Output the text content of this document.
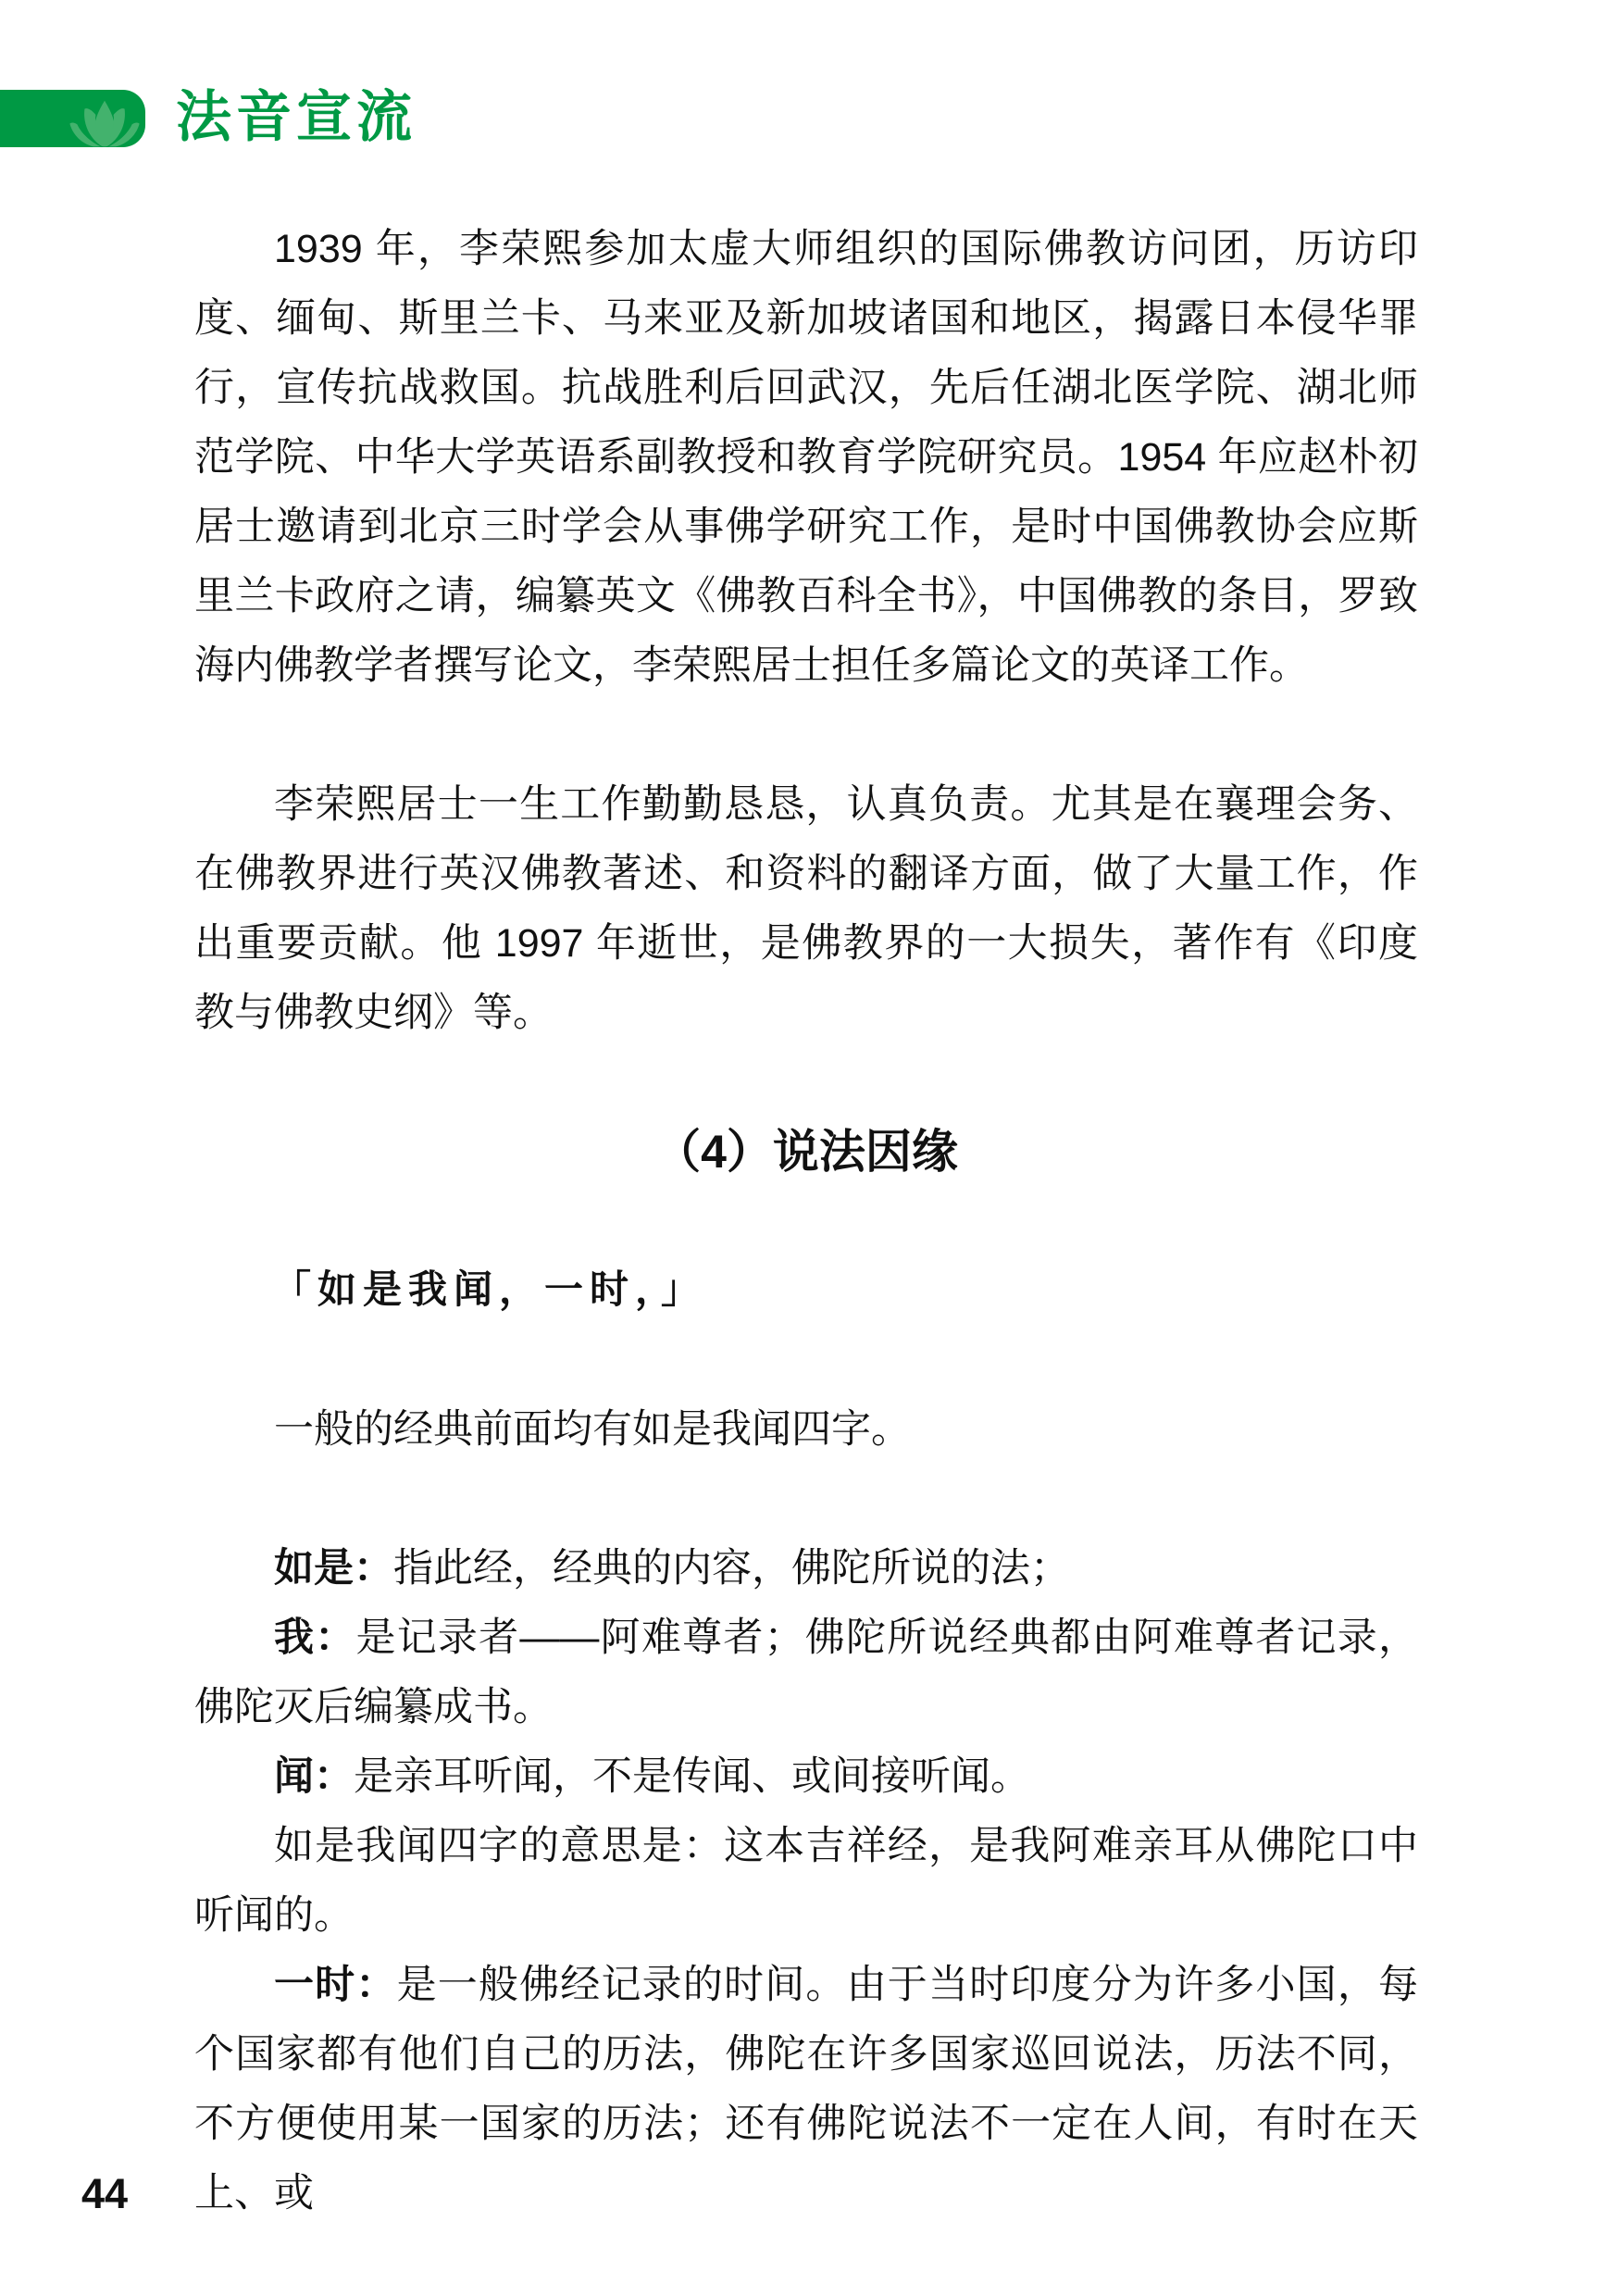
法音宣流

1939 年，李荣熙参加太虚大师组织的国际佛教访问团，历访印度、缅甸、斯里兰卡、马来亚及新加坡诸国和地区，揭露日本侵华罪行，宣传抗战救国。抗战胜利后回武汉，先后任湖北医学院、湖北师范学院、中华大学英语系副教授和教育学院研究员。1954 年应赵朴初居士邀请到北京三时学会从事佛学研究工作，是时中国佛教协会应斯里兰卡政府之请，编纂英文《佛教百科全书》，中国佛教的条目，罗致海内佛教学者撰写论文，李荣熙居士担任多篇论文的英译工作。

李荣熙居士一生工作勤勤恳恳，认真负责。尤其是在襄理会务、在佛教界进行英汉佛教著述、和资料的翻译方面，做了大量工作，作出重要贡献。他 1997 年逝世，是佛教界的一大损失，著作有《印度教与佛教史纲》等。

（4）说法因缘

「如是我闻，一时，」

一般的经典前面均有如是我闻四字。

如是：指此经，经典的内容，佛陀所说的法；

我：是记录者——阿难尊者；佛陀所说经典都由阿难尊者记录，佛陀灭后编纂成书。

闻：是亲耳听闻，不是传闻、或间接听闻。

如是我闻四字的意思是：这本吉祥经，是我阿难亲耳从佛陀口中听闻的。

一时：是一般佛经记录的时间。由于当时印度分为许多小国，每个国家都有他们自己的历法，佛陀在许多国家巡回说法，历法不同，不方便使用某一国家的历法；还有佛陀说法不一定在人间，有时在天上、或

44
